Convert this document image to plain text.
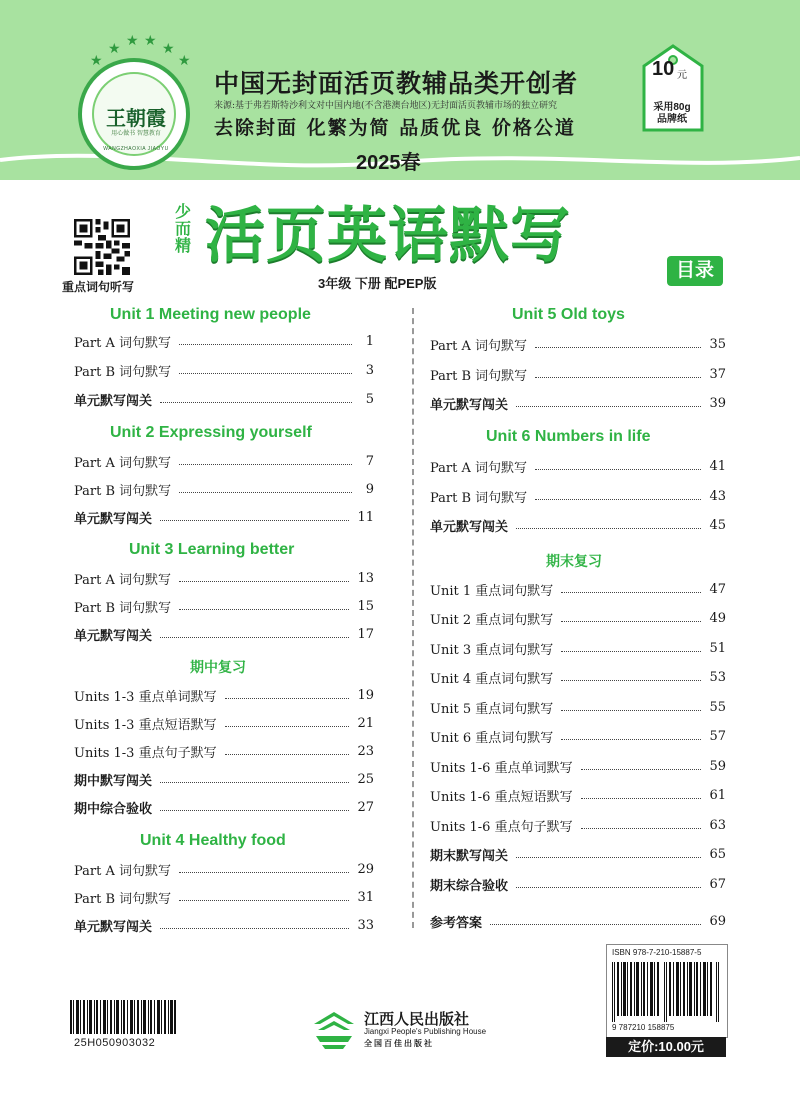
★ ★ ★ ★
★	★
王朝霞
用心做书 智慧教育
WANGZHAOXIA JIAOYU
中国无封面活页教辅品类开创者
来源:基于弗若斯特沙利文对中国内地(不含港澳台地区)无封面活页教辅市场的独立研究
去除封面 化繁为简 品质优良 价格公道
2025春
10 元
采用80g
品牌纸
重点词句听写
少而精 活页英语默写
3年级 下册 配PEP版
目录
Unit 1 Meeting new people
Part A 词句默写	1
Part B 词句默写	3
单元默写闯关	5
Unit 2 Expressing yourself
Part A 词句默写	7
Part B 词句默写	9
单元默写闯关	11
Unit 3 Learning better
Part A 词句默写	13
Part B 词句默写	15
单元默写闯关	17
期中复习
Units 1-3 重点单词默写	19
Units 1-3 重点短语默写	21
Units 1-3 重点句子默写	23
期中默写闯关	25
期中综合验收	27
Unit 4 Healthy food
Part A 词句默写	29
Part B 词句默写	31
单元默写闯关	33
Unit 5 Old toys
Part A 词句默写	35
Part B 词句默写	37
单元默写闯关	39
Unit 6 Numbers in life
Part A 词句默写	41
Part B 词句默写	43
单元默写闯关	45
期末复习
Unit 1 重点词句默写	47
Unit 2 重点词句默写	49
Unit 3 重点词句默写	51
Unit 4 重点词句默写	53
Unit 5 重点词句默写	55
Unit 6 重点词句默写	57
Units 1-6 重点单词默写	59
Units 1-6 重点短语默写	61
Units 1-6 重点句子默写	63
期末默写闯关	65
期末综合验收	67
参考答案	69
25H050903032
江西人民出版社
Jiangxi People's Publishing House
全国百佳出版社
ISBN 978-7-210-15887-5
9 787210 158875
定价:10.00元
